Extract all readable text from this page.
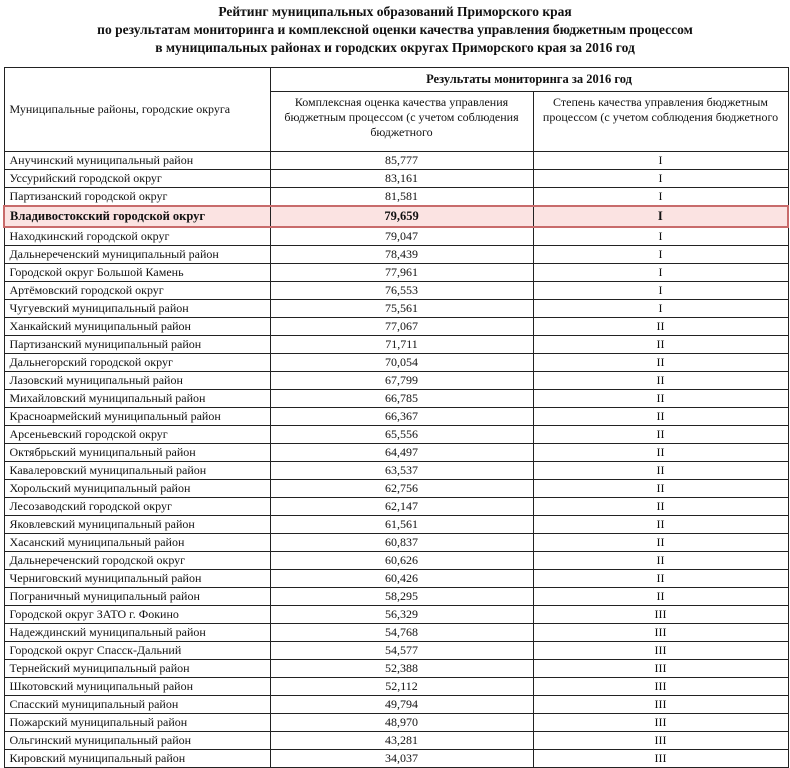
Рейтинг муниципальных образований Приморского края
по результатам мониторинга и комплексной оценки качества управления бюджетным процессом
в муниципальных районах и городских округах Приморского края за 2016 год
Муниципальные районы, городские округа	Результаты мониторинга за 2016 год	
	Комплексная оценка качества управления бюджетным процессом (с учетом соблюдения бюджетного	Степень качества управления бюджетным процессом (с учетом соблюдения бюджетного
Анучинский муниципальный район	85,777	I
Уссурийский городской округ	83,161	I
Партизанский городской округ	81,581	I
Владивостокский городской округ	79,659	I
Находкинский городской округ	79,047	I
Дальнереченский муниципальный район	78,439	I
Городской округ Большой Камень	77,961	I
Артёмовский городской округ	76,553	I
Чугуевский муниципальный район	75,561	I
Ханкайский муниципальный район	77,067	II
Партизанский муниципальный район	71,711	II
Дальнегорский городской округ	70,054	II
Лазовский муниципальный район	67,799	II
Михайловский муниципальный район	66,785	II
Красноармейский муниципальный район	66,367	II
Арсеньевский городской округ	65,556	II
Октябрьский муниципальный район	64,497	II
Кавалеровский муниципальный район	63,537	II
Хорольский муниципальный район	62,756	II
Лесозаводский городской округ	62,147	II
Яковлевский муниципальный район	61,561	II
Хасанский муниципальный район	60,837	II
Дальнереченский городской округ	60,626	II
Черниговский муниципальный район	60,426	II
Пограничный муниципальный район	58,295	II
Городской округ ЗАТО г. Фокино	56,329	III
Надеждинский муниципальный район	54,768	III
Городской округ Спасск-Дальний	54,577	III
Тернейский муниципальный район	52,388	III
Шкотовский муниципальный район	52,112	III
Спасский муниципальный район	49,794	III
Пожарский муниципальный район	48,970	III
Ольгинский муниципальный район	43,281	III
Кировский муниципальный район	34,037	III
